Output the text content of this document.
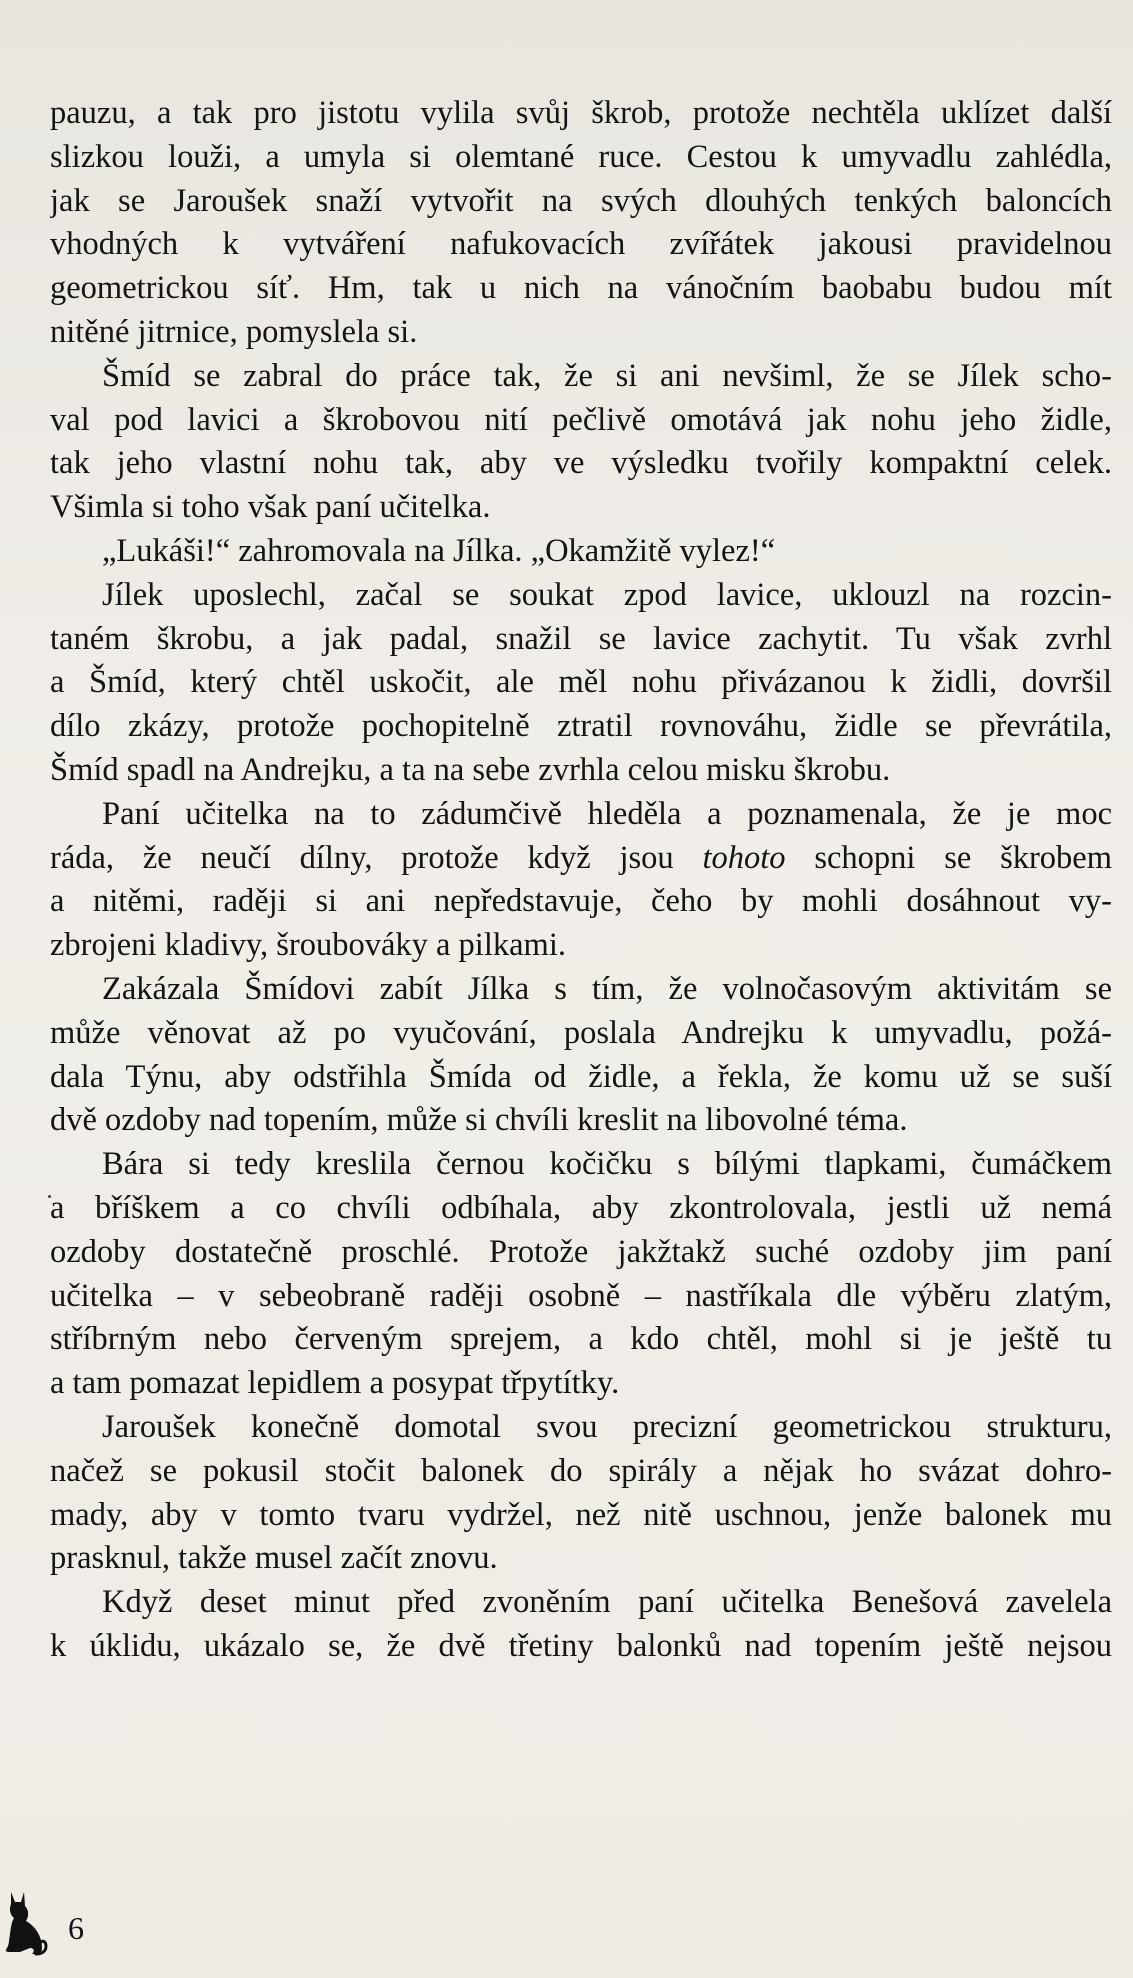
pauzu, a tak pro jistotu vylila svůj škrob, protože nechtěla uklízet další
slizkou louži, a umyla si olemtané ruce. Cestou k umyvadlu zahlédla,
jak se Jaroušek snaží vytvořit na svých dlouhých tenkých baloncích
vhodných k vytváření nafukovacích zvířátek jakousi pravidelnou
geometrickou síť. Hm, tak u nich na vánočním baobabu budou mít
nitěné jitrnice, pomyslela si.
Šmíd se zabral do práce tak, že si ani nevšiml, že se Jílek scho-
val pod lavici a škrobovou nití pečlivě omotává jak nohu jeho židle,
tak jeho vlastní nohu tak, aby ve výsledku tvořily kompaktní celek.
Všimla si toho však paní učitelka.
„Lukáši!“ zahromovala na Jílka. „Okamžitě vylez!“
Jílek uposlechl, začal se soukat zpod lavice, uklouzl na rozcin-
taném škrobu, a jak padal, snažil se lavice zachytit. Tu však zvrhl
a Šmíd, který chtěl uskočit, ale měl nohu přivázanou k židli, dovršil
dílo zkázy, protože pochopitelně ztratil rovnováhu, židle se převrátila,
Šmíd spadl na Andrejku, a ta na sebe zvrhla celou misku škrobu.
Paní učitelka na to zádumčivě hleděla a poznamenala, že je moc
ráda, že neučí dílny, protože když jsou tohoto schopni se škrobem
a nitěmi, raději si ani nepředstavuje, čeho by mohli dosáhnout vy-
zbrojeni kladivy, šroubováky a pilkami.
Zakázala Šmídovi zabít Jílka s tím, že volnočasovým aktivitám se
může věnovat až po vyučování, poslala Andrejku k umyvadlu, požá-
dala Týnu, aby odstřihla Šmída od židle, a řekla, že komu už se suší
dvě ozdoby nad topením, může si chvíli kreslit na libovolné téma.
Bára si tedy kreslila černou kočičku s bílými tlapkami, čumáčkem
a bříškem a co chvíli odbíhala, aby zkontrolovala, jestli už nemá
ozdoby dostatečně proschlé. Protože jakžtakž suché ozdoby jim paní
učitelka – v sebeobraně raději osobně – nastříkala dle výběru zlatým,
stříbrným nebo červeným sprejem, a kdo chtěl, mohl si je ještě tu
a tam pomazat lepidlem a posypat třpytítky.
Jaroušek konečně domotal svou precizní geometrickou strukturu,
načež se pokusil stočit balonek do spirály a nějak ho svázat dohro-
mady, aby v tomto tvaru vydržel, než nitě uschnou, jenže balonek mu
prasknul, takže musel začít znovu.
Když deset minut před zvoněním paní učitelka Benešová zavelela
k úklidu, ukázalo se, že dvě třetiny balonků nad topením ještě nejsou
6
